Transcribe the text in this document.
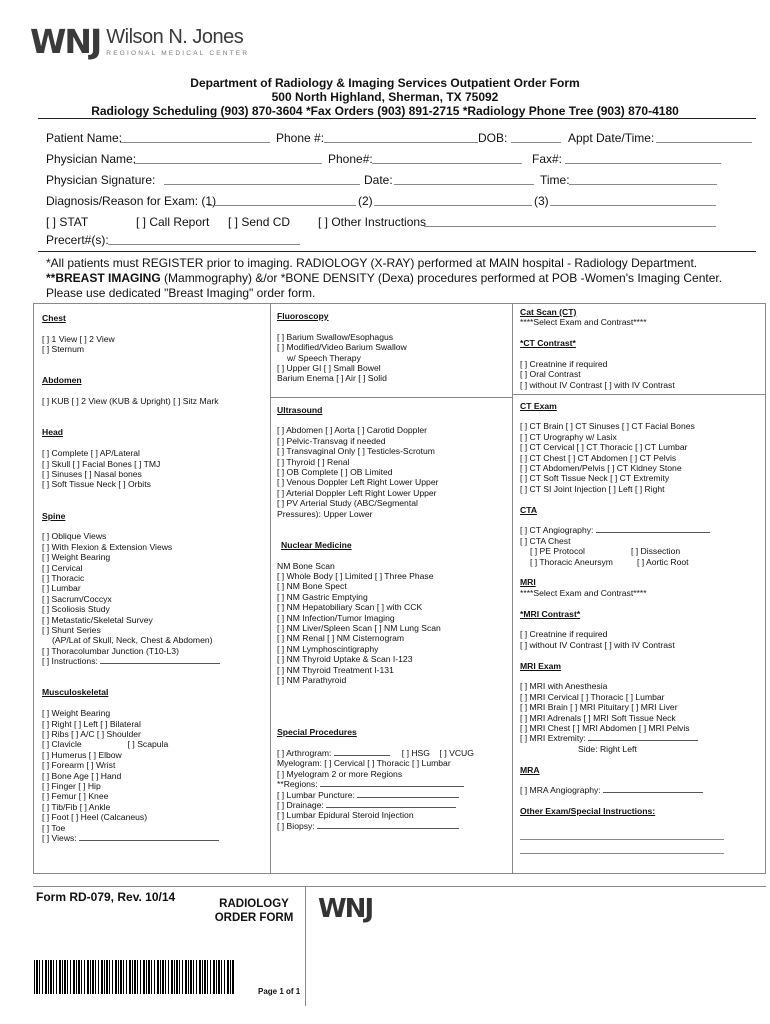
WNJ Wilson N. Jones
REGIONAL MEDICAL CENTER
Department of Radiology & Imaging Services Outpatient Order Form
500 North Highland, Sherman, TX 75092
Radiology Scheduling (903) 870-3604 *Fax Orders (903) 891-2715 *Radiology Phone Tree (903) 870-4180
Patient Name:	Phone #:	DOB:	Appt Date/Time:
Physician Name:	Phone#:	Fax#:
Physician Signature:	Date:	Time:
Diagnosis/Reason for Exam: (1)	(2)	(3)
[ ] STAT	[ ] Call Report [ ] Send CD [ ] Other Instructions
Precert#(s):
*All patients must REGISTER prior to imaging. RADIOLOGY (X-RAY) performed at MAIN hospital - Radiology Department.
**BREAST IMAGING (Mammography) &/or *BONE DENSITY (Dexa) procedures performed at POB -Women's Imaging Center.
Please use dedicated "Breast Imaging" order form.
Chest
[ ] 1 View [ ] 2 View
[ ] Sternum
Abdomen
[ ] KUB [ ] 2 View (KUB & Upright) [ ] Sitz Mark
Head
[ ] Complete [ ] AP/Lateral
[ ] Skull [ ] Facial Bones [ ] TMJ
[ ] Sinuses [ ] Nasal bones
[ ] Soft Tissue Neck [ ] Orbits
Spine
[ ] Oblique Views
[ ] With Flexion & Extension Views
[ ] Weight Bearing
[ ] Cervical
[ ] Thoracic
[ ] Lumbar
[ ] Sacrum/Coccyx
[ ] Scoliosis Study
[ ] Metastatic/Skeletal Survey
[ ] Shunt Series
(AP/Lat of Skull, Neck, Chest & Abdomen)
[ ] Thoracolumbar Junction (T10-L3)
[ ] Instructions:
Musculoskeletal
[ ] Weight Bearing
[ ] Right [ ] Left [ ] Bilateral
[ ] Ribs [ ] A/C [ ] Shoulder
[ ] Clavicle	[ ] Scapula
[ ] Humerus [ ] Elbow
[ ] Forearm [ ] Wrist
[ ] Bone Age [ ] Hand
[ ] Finger [ ] Hip
[ ] Femur [ ] Knee
[ ] Tib/Fib [ ] Ankle
[ ] Foot [ ] Heel (Calcaneus)
[ ] Toe
[ ] Views:
Fluoroscopy
[ ] Barium Swallow/Esophagus
[ ] Modified/Video Barium Swallow
w/ Speech Therapy
[ ] Upper GI [ ] Small Bowel
Barium Enema [ ] Air [ ] Solid
Ultrasound
[ ] Abdomen [ ] Aorta [ ] Carotid Doppler
[ ] Pelvic-Transvag if needed
[ ] Transvaginal Only [ ] Testicles-Scrotum
[ ] Thyroid [ ] Renal
[ ] OB Complete [ ] OB Limited
[ ] Venous Doppler Left Right Lower Upper
[ ] Arterial Doppler Left Right Lower Upper
[ ] PV Arterial Study (ABC/Segmental
Pressures): Upper Lower
Nuclear Medicine
NM Bone Scan
[ ] Whole Body [ ] Limited [ ] Three Phase
[ ] NM Bone Spect
[ ] NM Gastric Emptying
[ ] NM Hepatobiliary Scan [ ] with CCK
[ ] NM Infection/Tumor Imaging
[ ] NM Liver/Spleen Scan [ ] NM Lung Scan
[ ] NM Renal [ ] NM Cisternogram
[ ] NM Lymphoscintigraphy
[ ] NM Thyroid Uptake & Scan I-123
[ ] NM Thyroid Treatment I-131
[ ] NM Parathyroid
Special Procedures
[ ] Arthrogram:	[ ] HSG [ ] VCUG
Myelogram: [ ] Cervical [ ] Thoracic [ ] Lumbar
[ ] Myelogram 2 or more Regions
**Regions:
[ ] Lumbar Puncture:
[ ] Drainage:
[ ] Lumbar Epidural Steroid Injection
[ ] Biopsy:
Cat Scan (CT)
****Select Exam and Contrast****
*CT Contrast*
[ ] Creatnine if required
[ ] Oral Contrast
[ ] without IV Contrast [ ] with IV Contrast
CT Exam
[ ] CT Brain [ ] CT Sinuses [ ] CT Facial Bones
[ ] CT Urography w/ Lasix
[ ] CT Cervical [ ] CT Thoracic [ ] CT Lumbar
[ ] CT Chest [ ] CT Abdomen [ ] CT Pelvis
[ ] CT Abdomen/Pelvis [ ] CT Kidney Stone
[ ] CT Soft Tissue Neck [ ] CT Extremity
[ ] CT SI Joint Injection [ ] Left [ ] Right
CTA
[ ] CT Angiography:
[ ] CTA Chest
[ ] PE Protocol	[ ] Dissection
[ ] Thoracic Aneursym	[ ] Aortic Root
MRI
****Select Exam and Contrast****
*MRI Contrast*
[ ] Creatnine if required
[ ] without IV Contrast [ ] with IV Contrast
MRI Exam
[ ] MRI with Anesthesia
[ ] MRI Cervical [ ] Thoracic [ ] Lumbar
[ ] MRI Brain [ ] MRI Pituitary [ ] MRI Liver
[ ] MRI Adrenals [ ] MRI Soft Tissue Neck
[ ] MRI Chest [ ] MRI Abdomen [ ] MRI Pelvis
[ ] MRI Extremity:
Side: Right Left
MRA
[ ] MRA Angiography:
Other Exam/Special Instructions:
Form RD-079, Rev. 10/14	RADIOLOGY
ORDER FORM WNJ
Page 1 of 1
